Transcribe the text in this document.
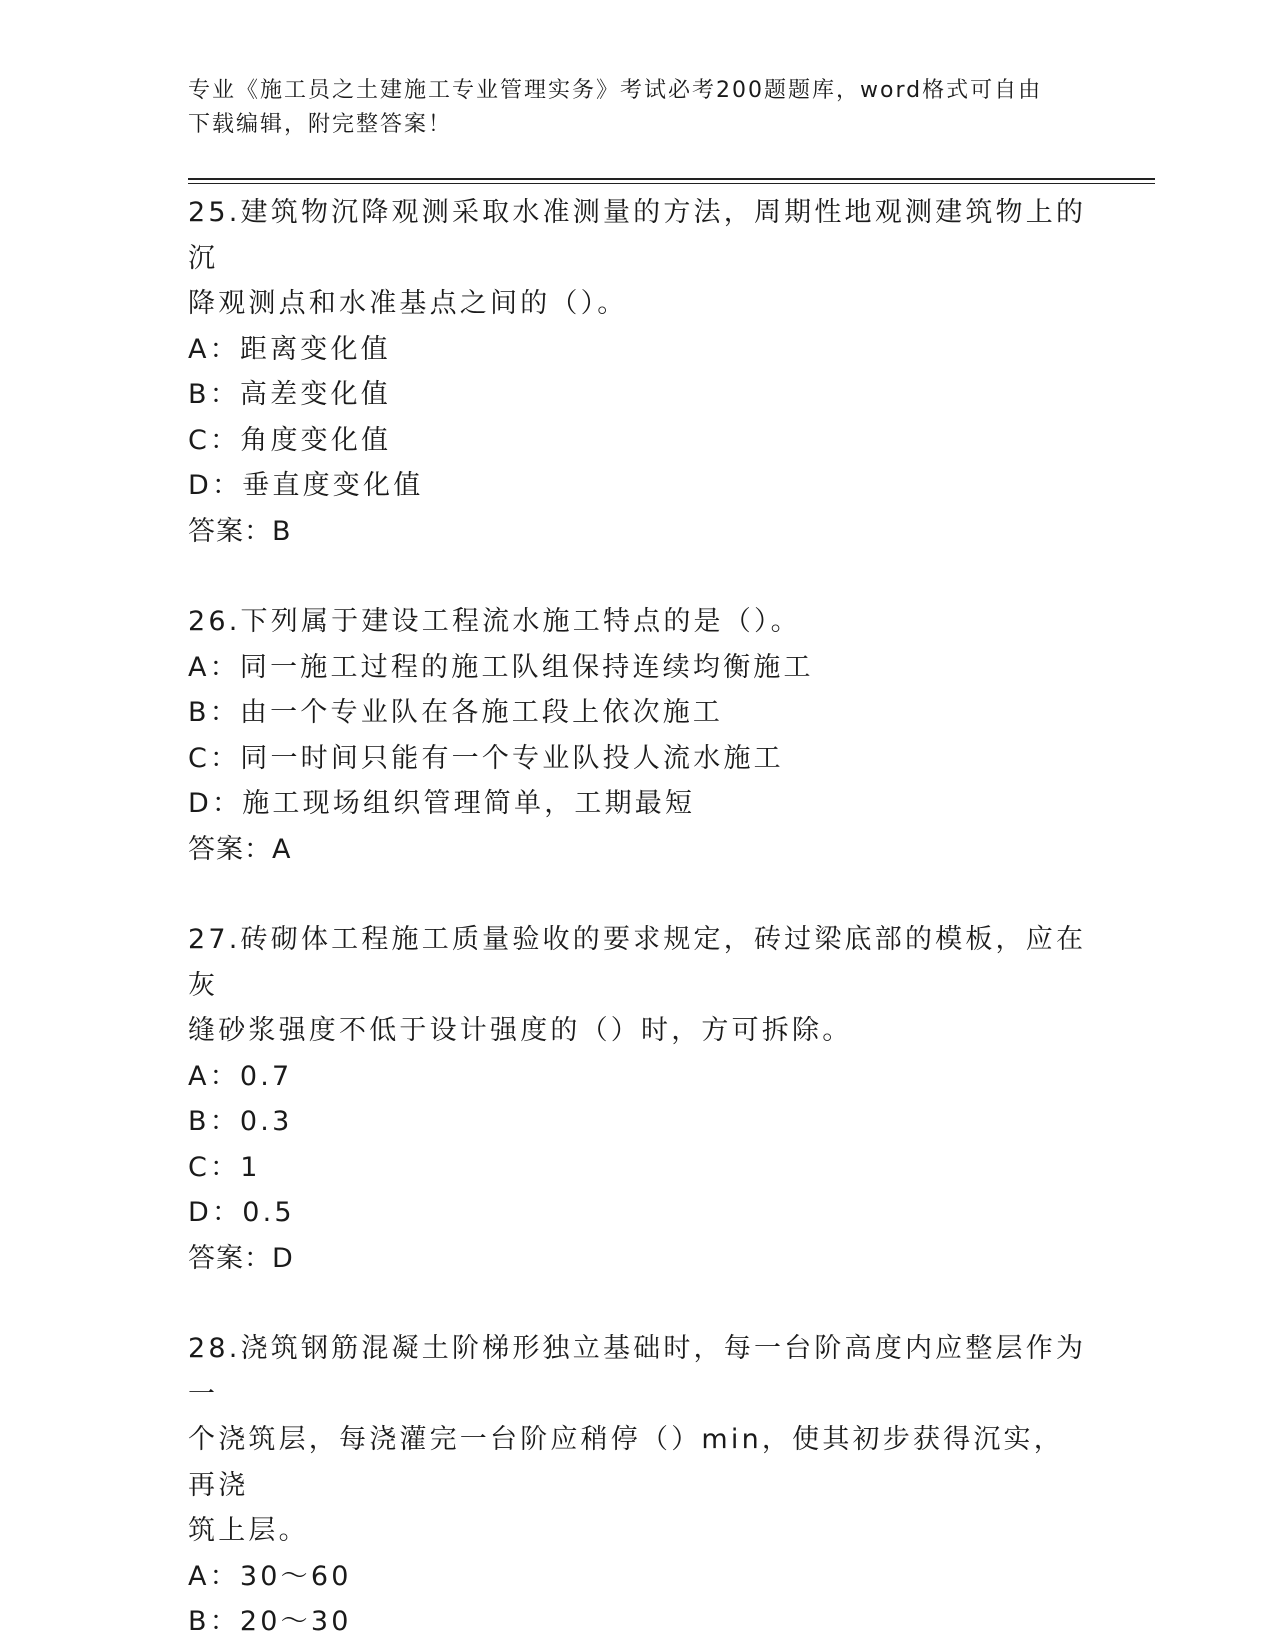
专业《施工员之土建施工专业管理实务》考试必考200题题库，word格式可自由
下载编辑，附完整答案！

25.建筑物沉降观测采取水准测量的方法，周期性地观测建筑物上的沉

降观测点和水准基点之间的（）。

A：距离变化值

B：高差变化值

C：角度变化值

D：垂直度变化值

答案：B

26.下列属于建设工程流水施工特点的是（）。

A：同一施工过程的施工队组保持连续均衡施工

B：由一个专业队在各施工段上依次施工

C：同一时间只能有一个专业队投人流水施工

D：施工现场组织管理简单，工期最短

答案：A

27.砖砌体工程施工质量验收的要求规定，砖过梁底部的模板，应在灰

缝砂浆强度不低于设计强度的（）时，方可拆除。

A：0.7

B：0.3

C：1

D：0.5

答案：D

28.浇筑钢筋混凝土阶梯形独立基础时，每一台阶高度内应整层作为一

个浇筑层，每浇灌完一台阶应稍停（）min，使其初步获得沉实，再浇

筑上层。

A：30～60

B：20～30
